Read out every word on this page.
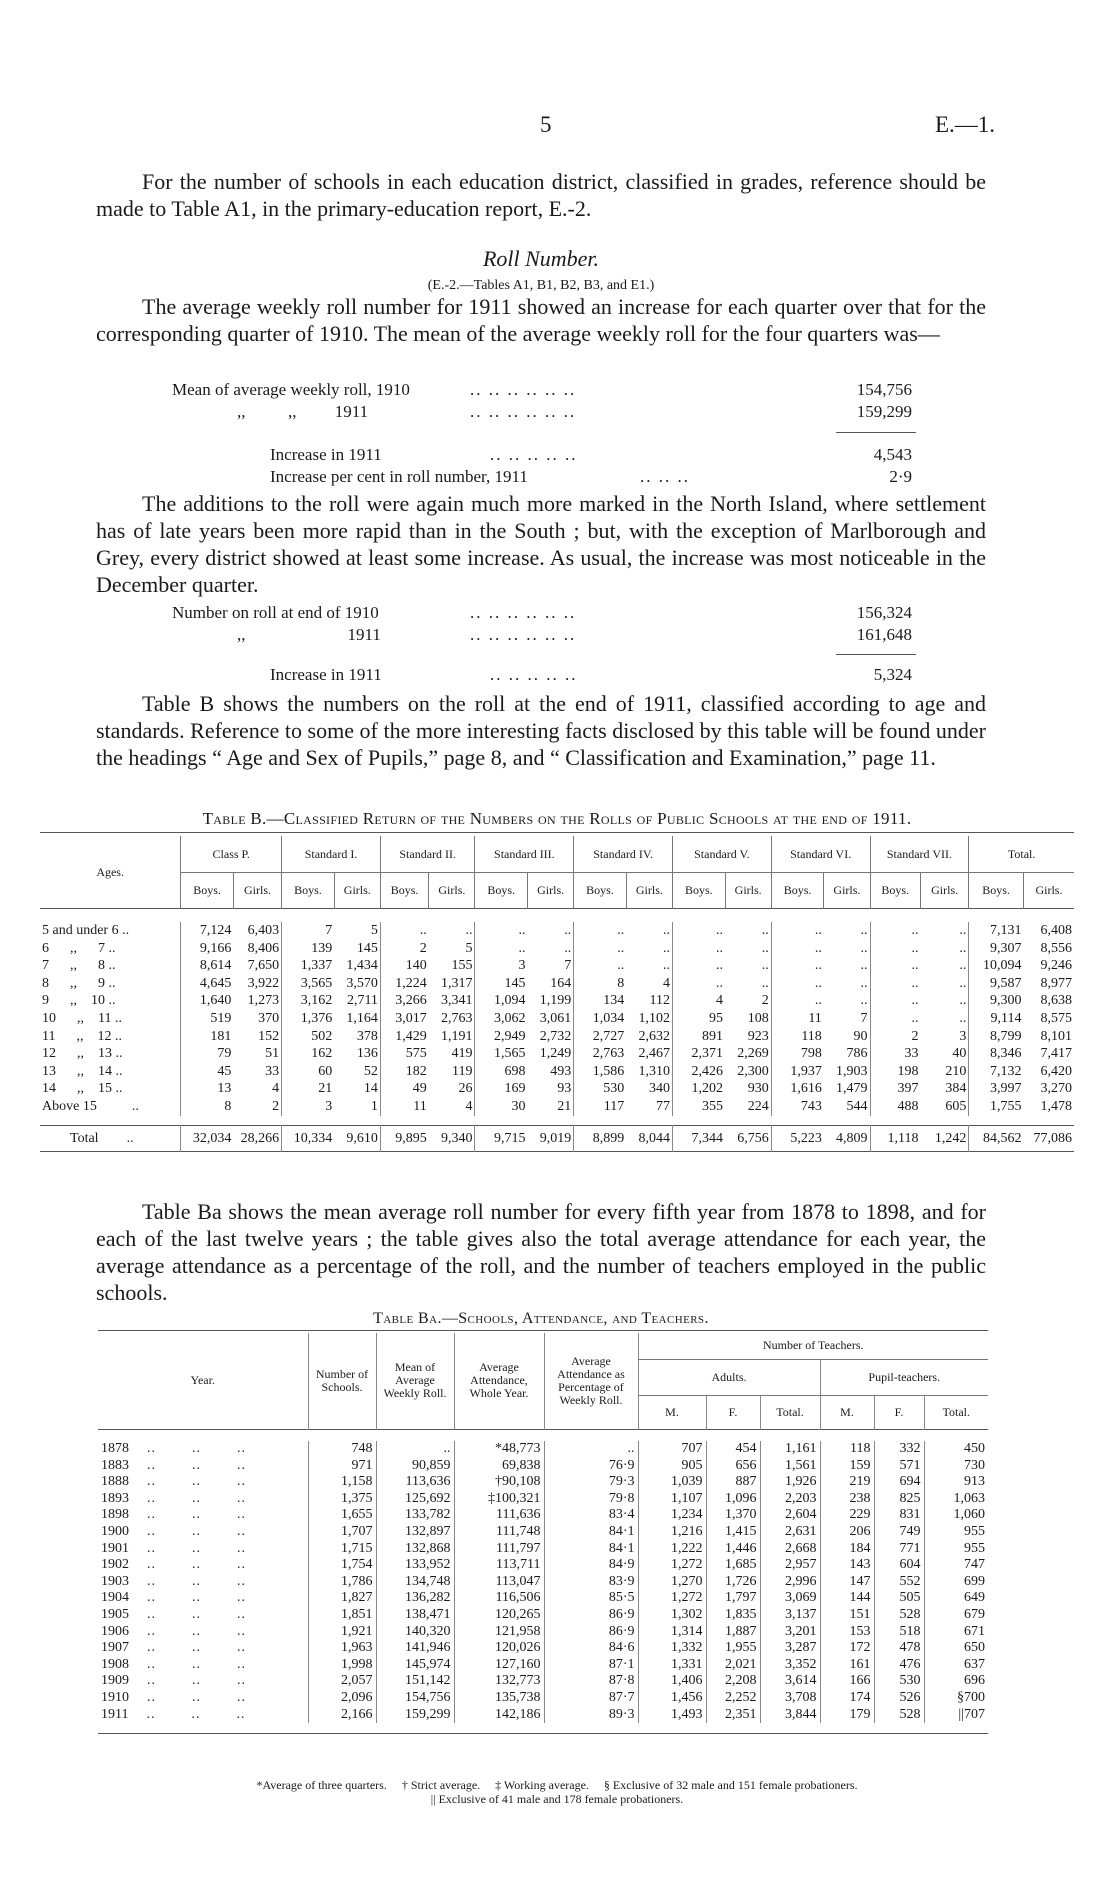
5	E.—1.
For the number of schools in each education district, classified in grades, reference should be made to Table A1, in the primary-education report, E.-2.
Roll Number.
(E.-2.—Tables A1, B1, B2, B3, and E1.)
The average weekly roll number for 1911 showed an increase for each quarter over that for the corresponding quarter of 1910. The mean of the average weekly roll for the four quarters was—
Mean of average weekly roll, 1910	.. .. .. .. .. ..	154,756
,,          ,,         1911	.. .. .. .. .. ..	159,299
Increase in 1911	.. .. .. .. ..	4,543
Increase per cent in roll number, 1911	.. .. ..	2·9
The additions to the roll were again much more marked in the North Island, where settlement has of late years been more rapid than in the South ; but, with the exception of Marlborough and Grey, every district showed at least some increase. As usual, the increase was most noticeable in the December quarter.
Number on roll at end of 1910	.. .. .. .. .. ..	156,324
,,                        1911	.. .. .. .. .. ..	161,648
Increase in 1911	.. .. .. .. ..	5,324
Table B shows the numbers on the roll at the end of 1911, classified according to age and standards. Reference to some of the more interesting facts disclosed by this table will be found under the headings “ Age and Sex of Pupils,” page 8, and “ Classification and Examination,” page 11.
Table B.—Classified Return of the Numbers on the Rolls of Public Schools at the end of 1911.
Ages.	Class P.		Standard I.		Standard II.		Standard III.		Standard IV.		Standard V.		Standard VI.		Standard VII.		Total.	
	Boys.	Girls.	Boys.	Girls.	Boys.	Girls.	Boys.	Girls.	Boys.	Girls.	Boys.	Girls.	Boys.	Girls.	Boys.	Girls.	Boys.	Girls.

5 and under 6 ..	7,124	6,403	7	5	..	..	..	..	..	..	..	..	..	..	..	..	7,131	6,408
6      ,,      7 ..	9,166	8,406	139	145	2	5	..	..	..	..	..	..	..	..	..	..	9,307	8,556
7      ,,      8 ..	8,614	7,650	1,337	1,434	140	155	3	7	..	..	..	..	..	..	..	..	10,094	9,246
8      ,,      9 ..	4,645	3,922	3,565	3,570	1,224	1,317	145	164	8	4	..	..	..	..	..	..	9,587	8,977
9      ,,    10 ..	1,640	1,273	3,162	2,711	3,266	3,341	1,094	1,199	134	112	4	2	..	..	..	..	9,300	8,638
10      ,,    11 ..	519	370	1,376	1,164	3,017	2,763	3,062	3,061	1,034	1,102	95	108	11	7	..	..	9,114	8,575
11      ,,    12 ..	181	152	502	378	1,429	1,191	2,949	2,732	2,727	2,632	891	923	118	90	2	3	8,799	8,101
12      ,,    13 ..	79	51	162	136	575	419	1,565	1,249	2,763	2,467	2,371	2,269	798	786	33	40	8,346	7,417
13      ,,    14 ..	45	33	60	52	182	119	698	493	1,586	1,310	2,426	2,300	1,937	1,903	198	210	7,132	6,420
14      ,,    15 ..	13	4	21	14	49	26	169	93	530	340	1,202	930	1,616	1,479	397	384	3,997	3,270
Above 15          ..	8	2	3	1	11	4	30	21	117	77	355	224	743	544	488	605	1,755	1,478

Total        ..	32,034	28,266	10,334	9,610	9,895	9,340	9,715	9,019	8,899	8,044	7,344	6,756	5,223	4,809	1,118	1,242	84,562	77,086
Table Ba shows the mean average roll number for every fifth year from 1878 to 1898, and for each of the last twelve years ; the table gives also the total average attendance for each year, the average attendance as a percentage of the roll, and the number of teachers employed in the public schools.
Table Ba.—Schools, Attendance, and Teachers.
Year.	Number of Schools.	Mean of Average Weekly Roll.	Average Attendance, Whole Year.	Average Attendance as Percentage of Weekly Roll.	Number of Teachers.					
					Adults.			Pupil-teachers.		
					M.	F.	Total.	M.	F.	Total.

1878 ..        ..        ..	748	..	*48,773	..	707	454	1,161	118	332	450
1883 ..        ..        ..	971	90,859	69,838	76·9	905	656	1,561	159	571	730
1888 ..        ..        ..	1,158	113,636	†90,108	79·3	1,039	887	1,926	219	694	913
1893 ..        ..        ..	1,375	125,692	‡100,321	79·8	1,107	1,096	2,203	238	825	1,063
1898 ..        ..        ..	1,655	133,782	111,636	83·4	1,234	1,370	2,604	229	831	1,060
1900 ..        ..        ..	1,707	132,897	111,748	84·1	1,216	1,415	2,631	206	749	955
1901 ..        ..        ..	1,715	132,868	111,797	84·1	1,222	1,446	2,668	184	771	955
1902 ..        ..        ..	1,754	133,952	113,711	84·9	1,272	1,685	2,957	143	604	747
1903 ..        ..        ..	1,786	134,748	113,047	83·9	1,270	1,726	2,996	147	552	699
1904 ..        ..        ..	1,827	136,282	116,506	85·5	1,272	1,797	3,069	144	505	649
1905 ..        ..        ..	1,851	138,471	120,265	86·9	1,302	1,835	3,137	151	528	679
1906 ..        ..        ..	1,921	140,320	121,958	86·9	1,314	1,887	3,201	153	518	671
1907 ..        ..        ..	1,963	141,946	120,026	84·6	1,332	1,955	3,287	172	478	650
1908 ..        ..        ..	1,998	145,974	127,160	87·1	1,331	2,021	3,352	161	476	637
1909 ..        ..        ..	2,057	151,142	132,773	87·8	1,406	2,208	3,614	166	530	696
1910 ..        ..        ..	2,096	154,756	135,738	87·7	1,456	2,252	3,708	174	526	§700
1911 ..        ..        ..	2,166	159,299	142,186	89·3	1,493	2,351	3,844	179	528	||707

*Average of three quarters.     † Strict average.     ‡ Working average.     § Exclusive of 32 male and 151 female probationers.
|| Exclusive of 41 male and 178 female probationers.
